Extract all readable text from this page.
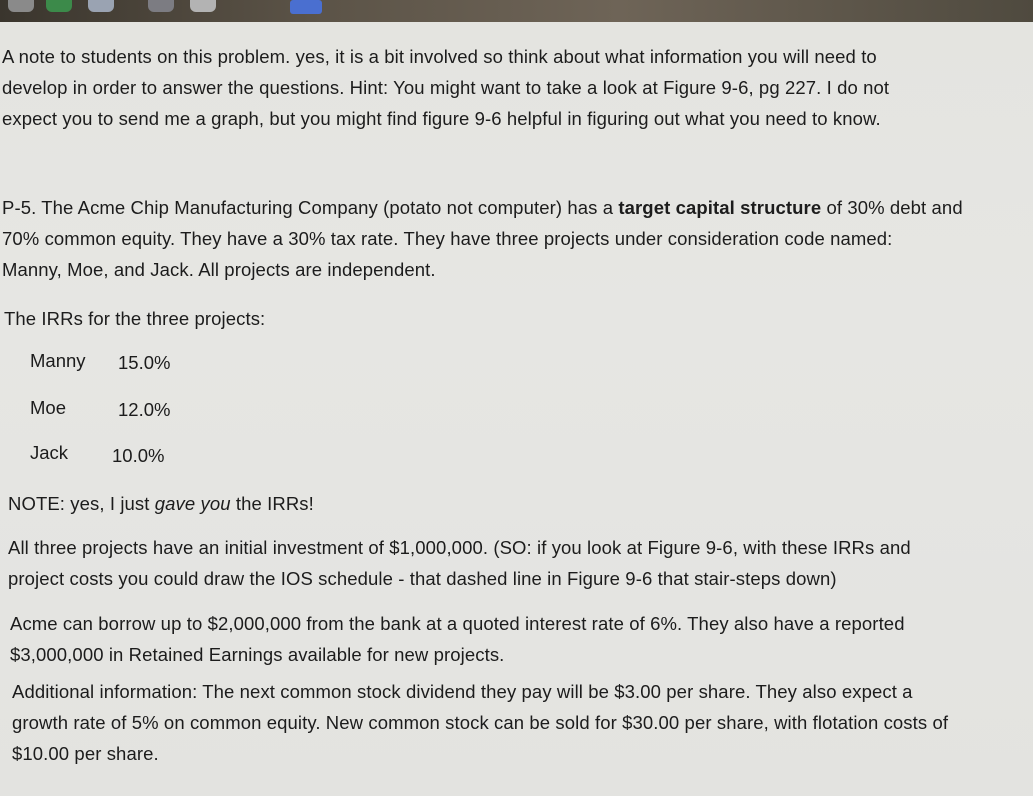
A note to students on this problem. yes, it is a bit involved so think about what information you will need to
develop in order to answer the questions. Hint: You might want to take a look at Figure 9-6, pg 227. I do not
expect you to send me a graph, but you might find figure 9-6 helpful in figuring out what you need to know.
P-5. The Acme Chip Manufacturing Company (potato not computer) has a target capital structure of 30% debt and
70% common equity. They have a 30% tax rate. They have three projects under consideration code named:
Manny, Moe, and Jack. All projects are independent.
The IRRs for the three projects:
Manny 15.0%
Moe	12.0%
Jack 10.0%
NOTE: yes, I just gave you the IRRs!
All three projects have an initial investment of $1,000,000. (SO: if you look at Figure 9-6, with these IRRs and
project costs you could draw the IOS schedule - that dashed line in Figure 9-6 that stair-steps down)
Acme can borrow up to $2,000,000 from the bank at a quoted interest rate of 6%. They also have a reported
$3,000,000 in Retained Earnings available for new projects.
Additional information: The next common stock dividend they pay will be $3.00 per share. They also expect a
growth rate of 5% on common equity. New common stock can be sold for $30.00 per share, with flotation costs of
$10.00 per share.
